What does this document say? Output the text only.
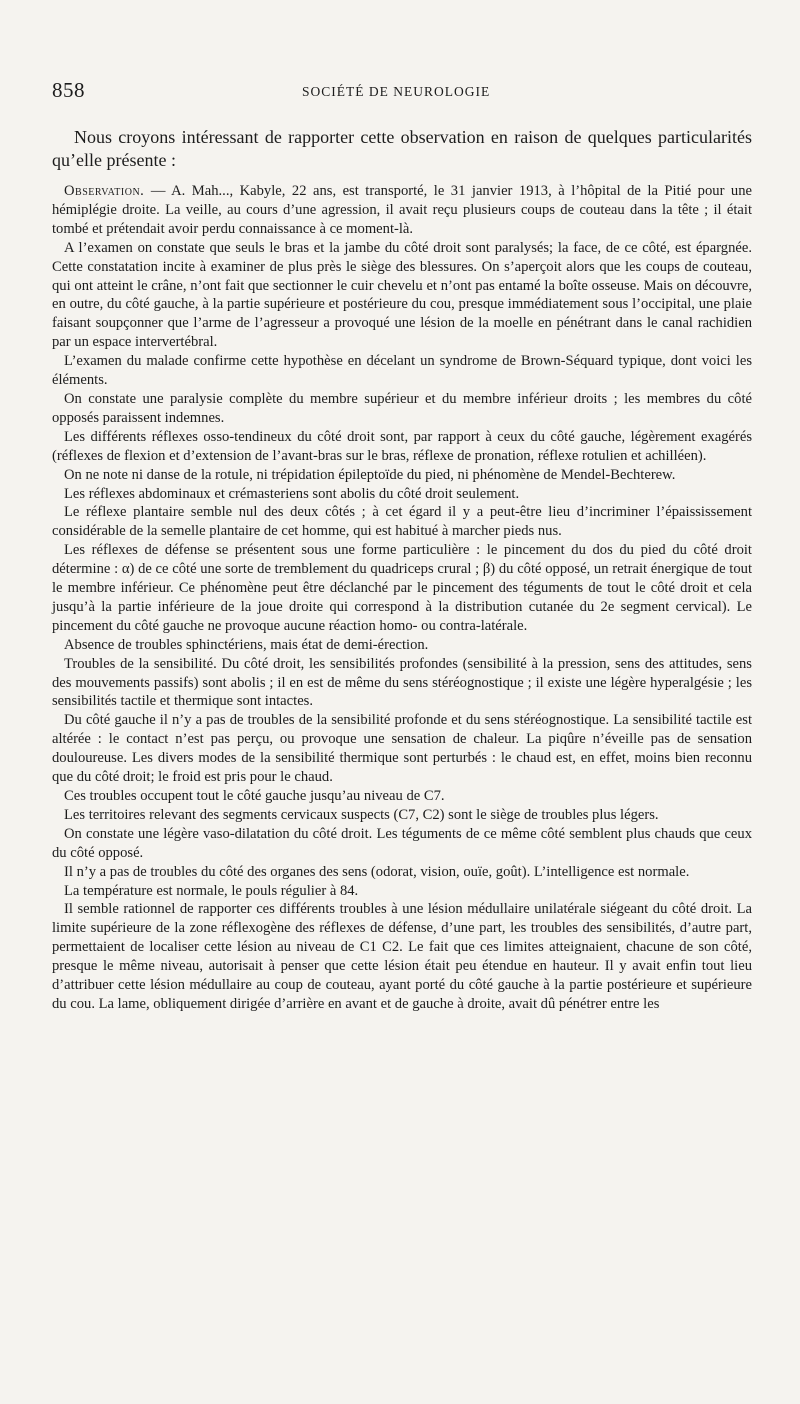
858	SOCIÉTÉ DE NEUROLOGIE

Nous croyons intéressant de rapporter cette observation en raison de quelques particularités qu’elle présente :

Observation. — A. Mah..., Kabyle, 22 ans, est transporté, le 31 janvier 1913, à l’hôpital de la Pitié pour une hémiplégie droite. La veille, au cours d’une agression, il avait reçu plusieurs coups de couteau dans la tête ; il était tombé et prétendait avoir perdu connaissance à ce moment-là.

A l’examen on constate que seuls le bras et la jambe du côté droit sont paralysés; la face, de ce côté, est épargnée. Cette constatation incite à examiner de plus près le siège des blessures. On s’aperçoit alors que les coups de couteau, qui ont atteint le crâne, n’ont fait que sectionner le cuir chevelu et n’ont pas entamé la boîte osseuse. Mais on découvre, en outre, du côté gauche, à la partie supérieure et postérieure du cou, presque immédiatement sous l’occipital, une plaie faisant soupçonner que l’arme de l’agresseur a provoqué une lésion de la moelle en pénétrant dans le canal rachidien par un espace intervertébral.

L’examen du malade confirme cette hypothèse en décelant un syndrome de Brown-Séquard typique, dont voici les éléments.

On constate une paralysie complète du membre supérieur et du membre inférieur droits ; les membres du côté opposés paraissent indemnes.

Les différents réflexes osso-tendineux du côté droit sont, par rapport à ceux du côté gauche, légèrement exagérés (réflexes de flexion et d’extension de l’avant-bras sur le bras, réflexe de pronation, réflexe rotulien et achilléen).

On ne note ni danse de la rotule, ni trépidation épileptoïde du pied, ni phénomène de Mendel-Bechterew.

Les réflexes abdominaux et crémasteriens sont abolis du côté droit seulement.

Le réflexe plantaire semble nul des deux côtés ; à cet égard il y a peut-être lieu d’incriminer l’épaississement considérable de la semelle plantaire de cet homme, qui est habitué à marcher pieds nus.

Les réflexes de défense se présentent sous une forme particulière : le pincement du dos du pied du côté droit détermine : α) de ce côté une sorte de tremblement du quadriceps crural ; β) du côté opposé, un retrait énergique de tout le membre inférieur. Ce phénomène peut être déclanché par le pincement des téguments de tout le côté droit et cela jusqu’à la partie inférieure de la joue droite qui correspond à la distribution cutanée du 2e segment cervical). Le pincement du côté gauche ne provoque aucune réaction homo- ou contra-latérale.

Absence de troubles sphinctériens, mais état de demi-érection.

Troubles de la sensibilité. Du côté droit, les sensibilités profondes (sensibilité à la pression, sens des attitudes, sens des mouvements passifs) sont abolis ; il en est de même du sens stéréognostique ; il existe une légère hyperalgésie ; les sensibilités tactile et thermique sont intactes.

Du côté gauche il n’y a pas de troubles de la sensibilité profonde et du sens stéréognostique. La sensibilité tactile est altérée : le contact n’est pas perçu, ou provoque une sensation de chaleur. La piqûre n’éveille pas de sensation douloureuse. Les divers modes de la sensibilité thermique sont perturbés : le chaud est, en effet, moins bien reconnu que du côté droit; le froid est pris pour le chaud.

Ces troubles occupent tout le côté gauche jusqu’au niveau de C7.

Les territoires relevant des segments cervicaux suspects (C7, C2) sont le siège de troubles plus légers.

On constate une légère vaso-dilatation du côté droit. Les téguments de ce même côté semblent plus chauds que ceux du côté opposé.

Il n’y a pas de troubles du côté des organes des sens (odorat, vision, ouïe, goût). L’intelligence est normale.

La température est normale, le pouls régulier à 84.

Il semble rationnel de rapporter ces différents troubles à une lésion médullaire unilatérale siégeant du côté droit. La limite supérieure de la zone réflexogène des réflexes de défense, d’une part, les troubles des sensibilités, d’autre part, permettaient de localiser cette lésion au niveau de C1 C2. Le fait que ces limites atteignaient, chacune de son côté, presque le même niveau, autorisait à penser que cette lésion était peu étendue en hauteur. Il y avait enfin tout lieu d’attribuer cette lésion médullaire au coup de couteau, ayant porté du côté gauche à la partie postérieure et supérieure du cou. La lame, obliquement dirigée d’arrière en avant et de gauche à droite, avait dû pénétrer entre les
